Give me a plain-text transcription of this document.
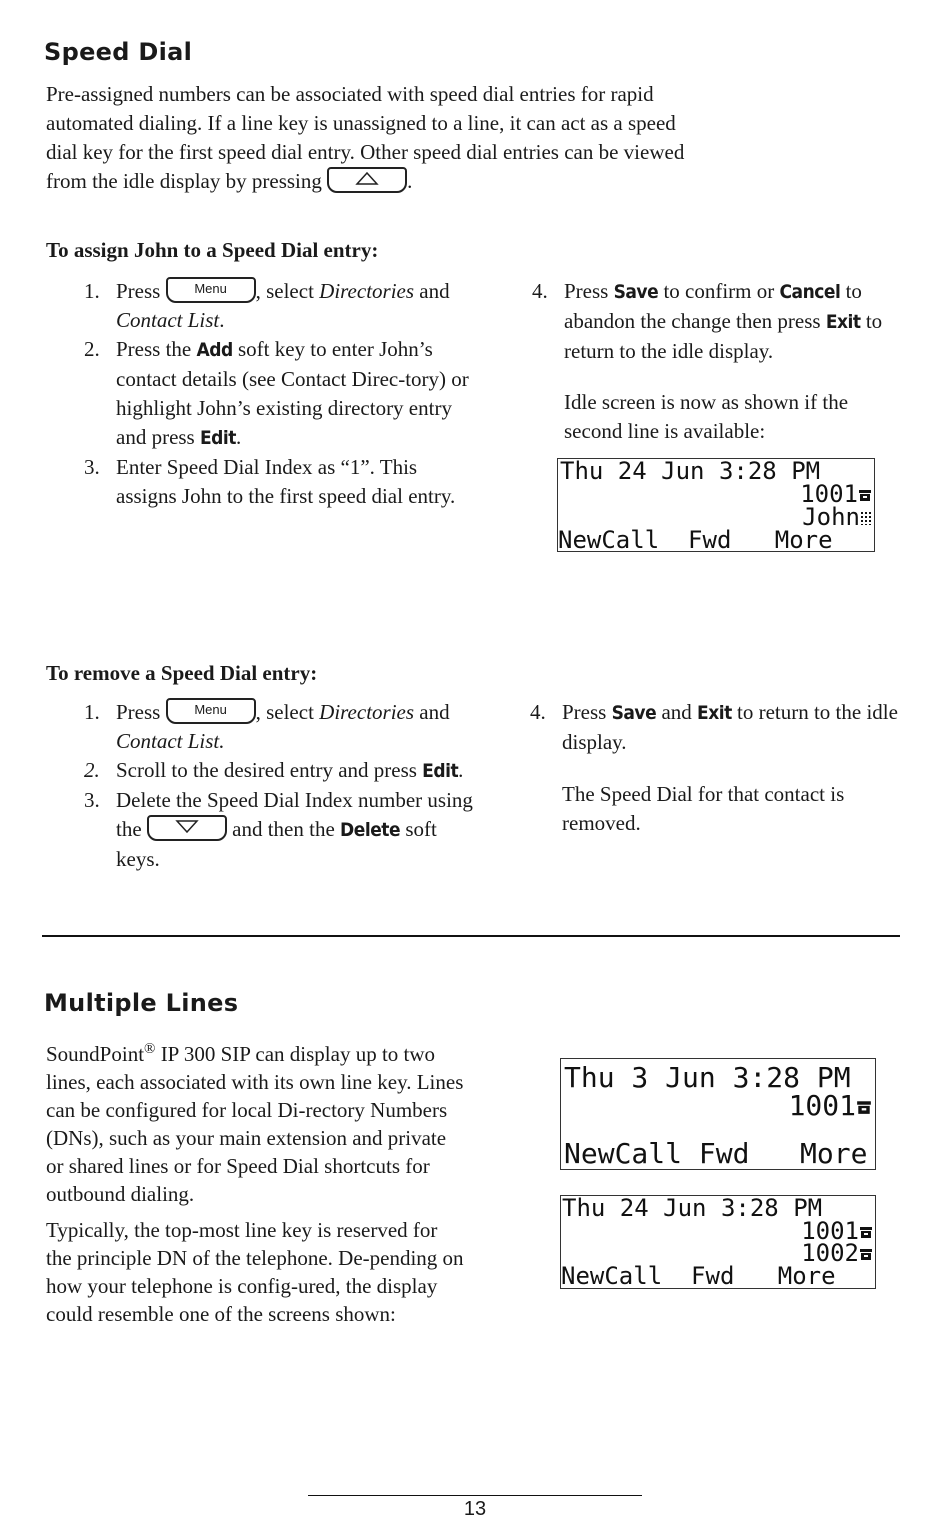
Speed Dial
Pre-assigned numbers can be associated with speed dial entries for rapid automated dialing. If a line key is unassigned to a line, it can act as a speed dial key for the first speed dial entry. Other speed dial entries can be viewed from the idle display by pressing	.
To assign John to a Speed Dial entry:
1. Press Menu , select Directories and Contact List.
2. Press the Add soft key to enter John’s contact details (see Contact Direc-tory) or highlight John’s existing directory entry and press Edit.
3. Enter Speed Dial Index as “1”. This assigns John to the first speed dial entry.
4. Press Save to confirm or Cancel to abandon the change then press Exit to return to the idle display.
Idle screen is now as shown if the second line is available:
Thu 24 Jun 3:28 PM
1001
John
NewCall  Fwd   More
To remove a Speed Dial entry:
1. Press Menu , select Directories and Contact List.
2. Scroll to the desired entry and press Edit.
3. Delete the Speed Dial Index number using the	and then the Delete soft keys.
4. Press Save and Exit to return to the idle display.
The Speed Dial for that contact is removed.
Multiple Lines
SoundPoint® IP 300 SIP can display up to two lines, each associated with its own line key. Lines can be configured for local Di-rectory Numbers (DNs), such as your main extension and private or shared lines or for Speed Dial shortcuts for outbound dialing.
Typically, the top-most line key is reserved for the principle DN of the telephone. De-pending on how your telephone is config-ured, the display could resemble one of the screens shown:
Thu 3 Jun 3:28 PM
1001
NewCall Fwd   More
Thu 24 Jun 3:28 PM
1001
1002
NewCall  Fwd   More
13
